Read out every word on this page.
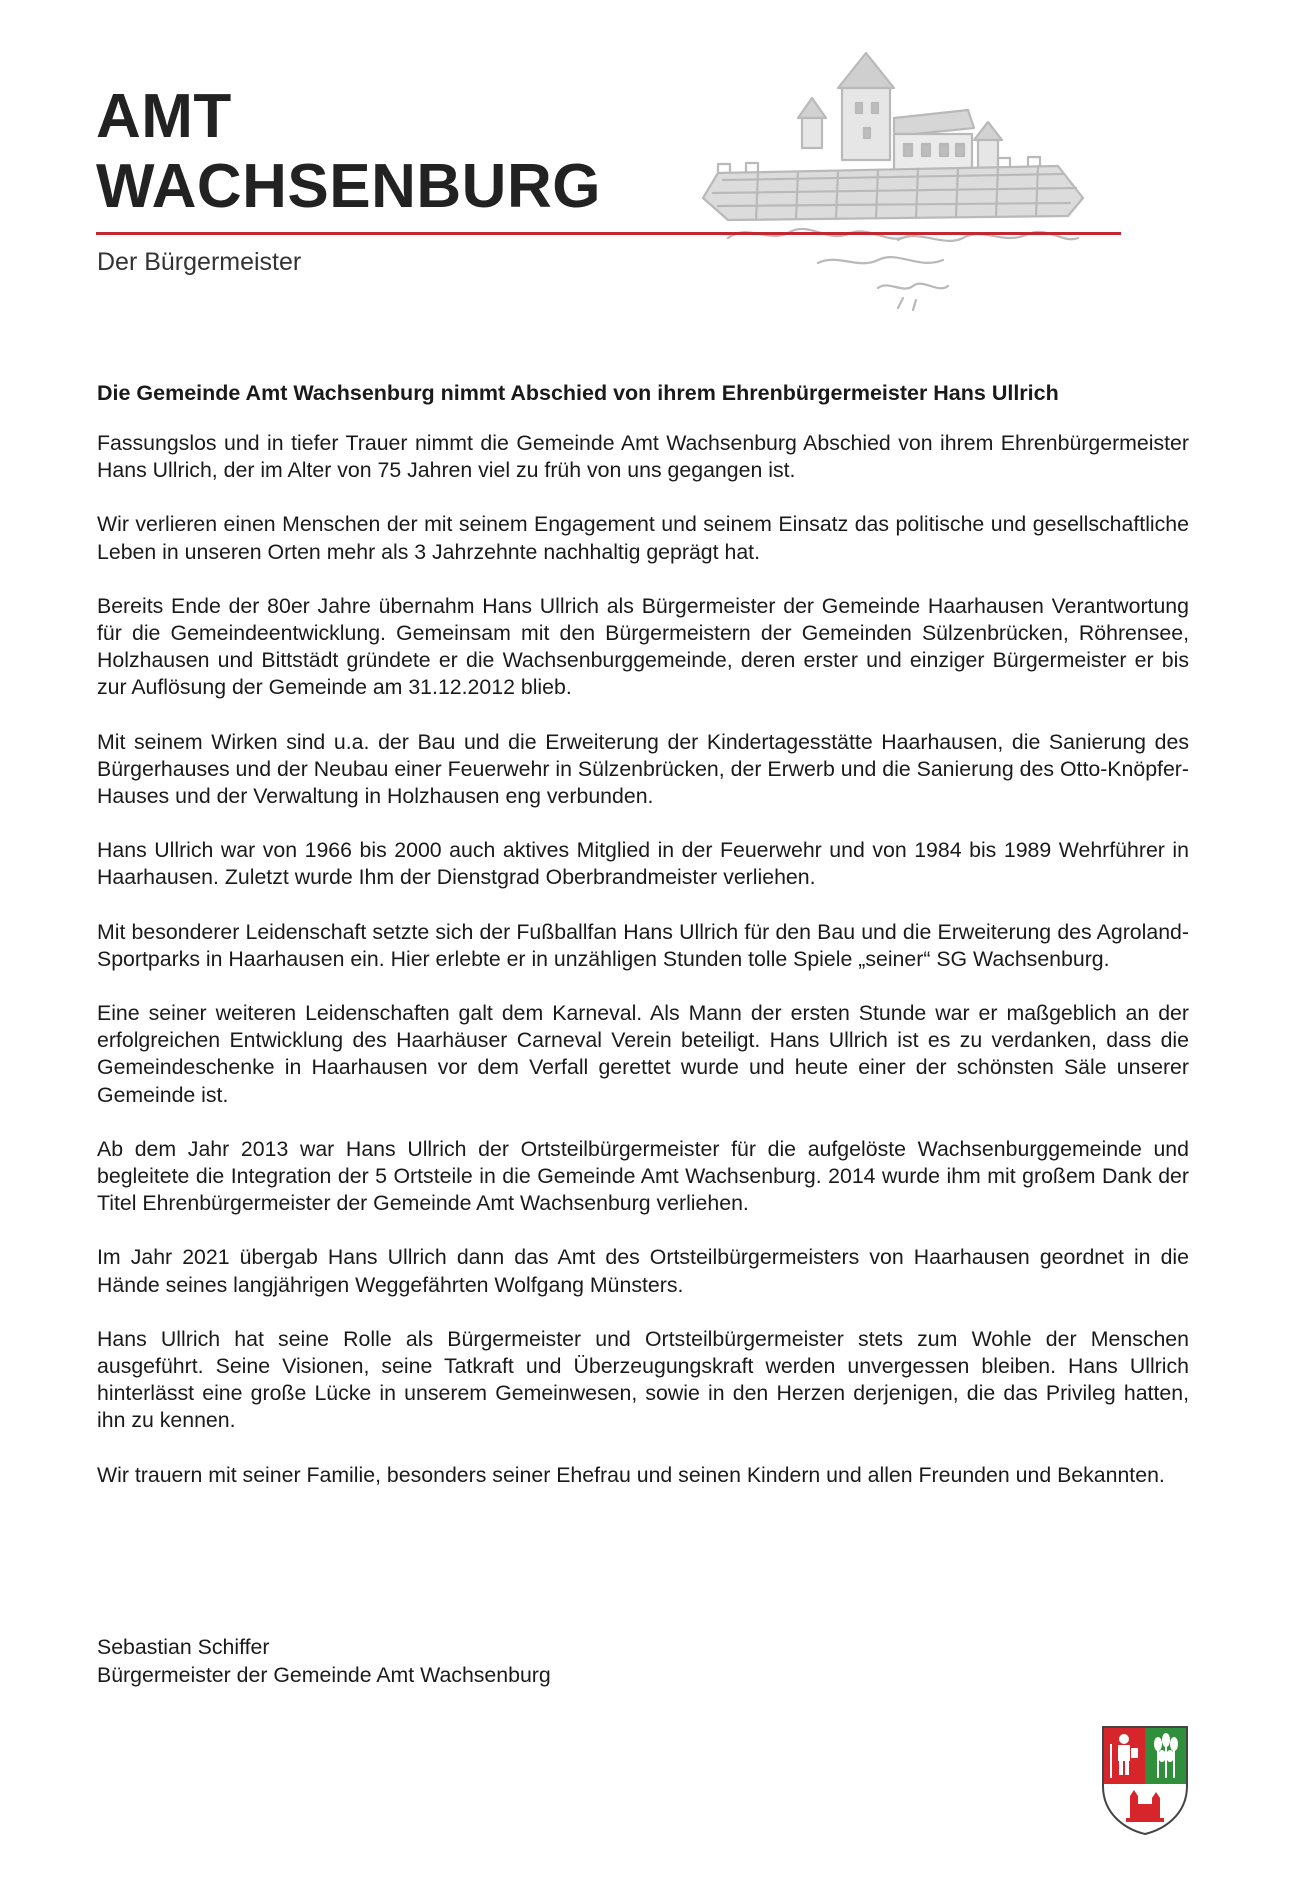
AMT
WACHSENBURG
Der Bürgermeister
Die Gemeinde Amt Wachsenburg nimmt Abschied von ihrem Ehrenbürgermeister Hans Ullrich

Fassungslos und in tiefer Trauer nimmt die Gemeinde Amt Wachsenburg Abschied von ihrem Ehrenbürgermeister Hans Ullrich, der im Alter von 75 Jahren viel zu früh von uns gegangen ist.

Wir verlieren einen Menschen der mit seinem Engagement und seinem Einsatz das politische und gesellschaftliche Leben in unseren Orten mehr als 3 Jahrzehnte nachhaltig geprägt hat.

Bereits Ende der 80er Jahre übernahm Hans Ullrich als Bürgermeister der Gemeinde Haarhausen Verantwortung für die Gemeindeentwicklung. Gemeinsam mit den Bürgermeistern der Gemeinden Sülzenbrücken, Röhrensee, Holzhausen und Bittstädt gründete er die Wachsenburggemeinde, deren erster und einziger Bürgermeister er bis zur Auflösung der Gemeinde am 31.12.2012 blieb.

Mit seinem Wirken sind u.a. der Bau und die Erweiterung der Kindertagesstätte Haarhausen, die Sanierung des Bürgerhauses und der Neubau einer Feuerwehr in Sülzenbrücken, der Erwerb und die Sanierung des Otto-Knöpfer-Hauses und der Verwaltung in Holzhausen eng verbunden.

Hans Ullrich war von 1966 bis 2000 auch aktives Mitglied in der Feuerwehr und von 1984 bis 1989 Wehrführer in Haarhausen. Zuletzt wurde Ihm der Dienstgrad Oberbrandmeister verliehen.

Mit besonderer Leidenschaft setzte sich der Fußballfan Hans Ullrich für den Bau und die Erweiterung des Agroland-Sportparks in Haarhausen ein. Hier erlebte er in unzähligen Stunden tolle Spiele „seiner“ SG Wachsenburg.

Eine seiner weiteren Leidenschaften galt dem Karneval. Als Mann der ersten Stunde war er maßgeblich an der erfolgreichen Entwicklung des Haarhäuser Carneval Verein beteiligt. Hans Ullrich ist es zu verdanken, dass die Gemeindeschenke in Haarhausen vor dem Verfall gerettet wurde und heute einer der schönsten Säle unserer Gemeinde ist.

Ab dem Jahr 2013 war Hans Ullrich der Ortsteilbürgermeister für die aufgelöste Wachsenburggemeinde und begleitete die Integration der 5 Ortsteile in die Gemeinde Amt Wachsenburg. 2014 wurde ihm mit großem Dank der Titel Ehrenbürgermeister der Gemeinde Amt Wachsenburg verliehen.

Im Jahr 2021 übergab Hans Ullrich dann das Amt des Ortsteilbürgermeisters von Haarhausen geordnet in die Hände seines langjährigen Weggefährten Wolfgang Münsters.

Hans Ullrich hat seine Rolle als Bürgermeister und Ortsteilbürgermeister stets zum Wohle der Menschen ausgeführt. Seine Visionen, seine Tatkraft und Überzeugungskraft werden unvergessen bleiben. Hans Ullrich hinterlässt eine große Lücke in unserem Gemeinwesen, sowie in den Herzen derjenigen, die das Privileg hatten, ihn zu kennen.

Wir trauern mit seiner Familie, besonders seiner Ehefrau und seinen Kindern und allen Freunden und Bekannten.

Sebastian Schiffer
Bürgermeister der Gemeinde Amt Wachsenburg
